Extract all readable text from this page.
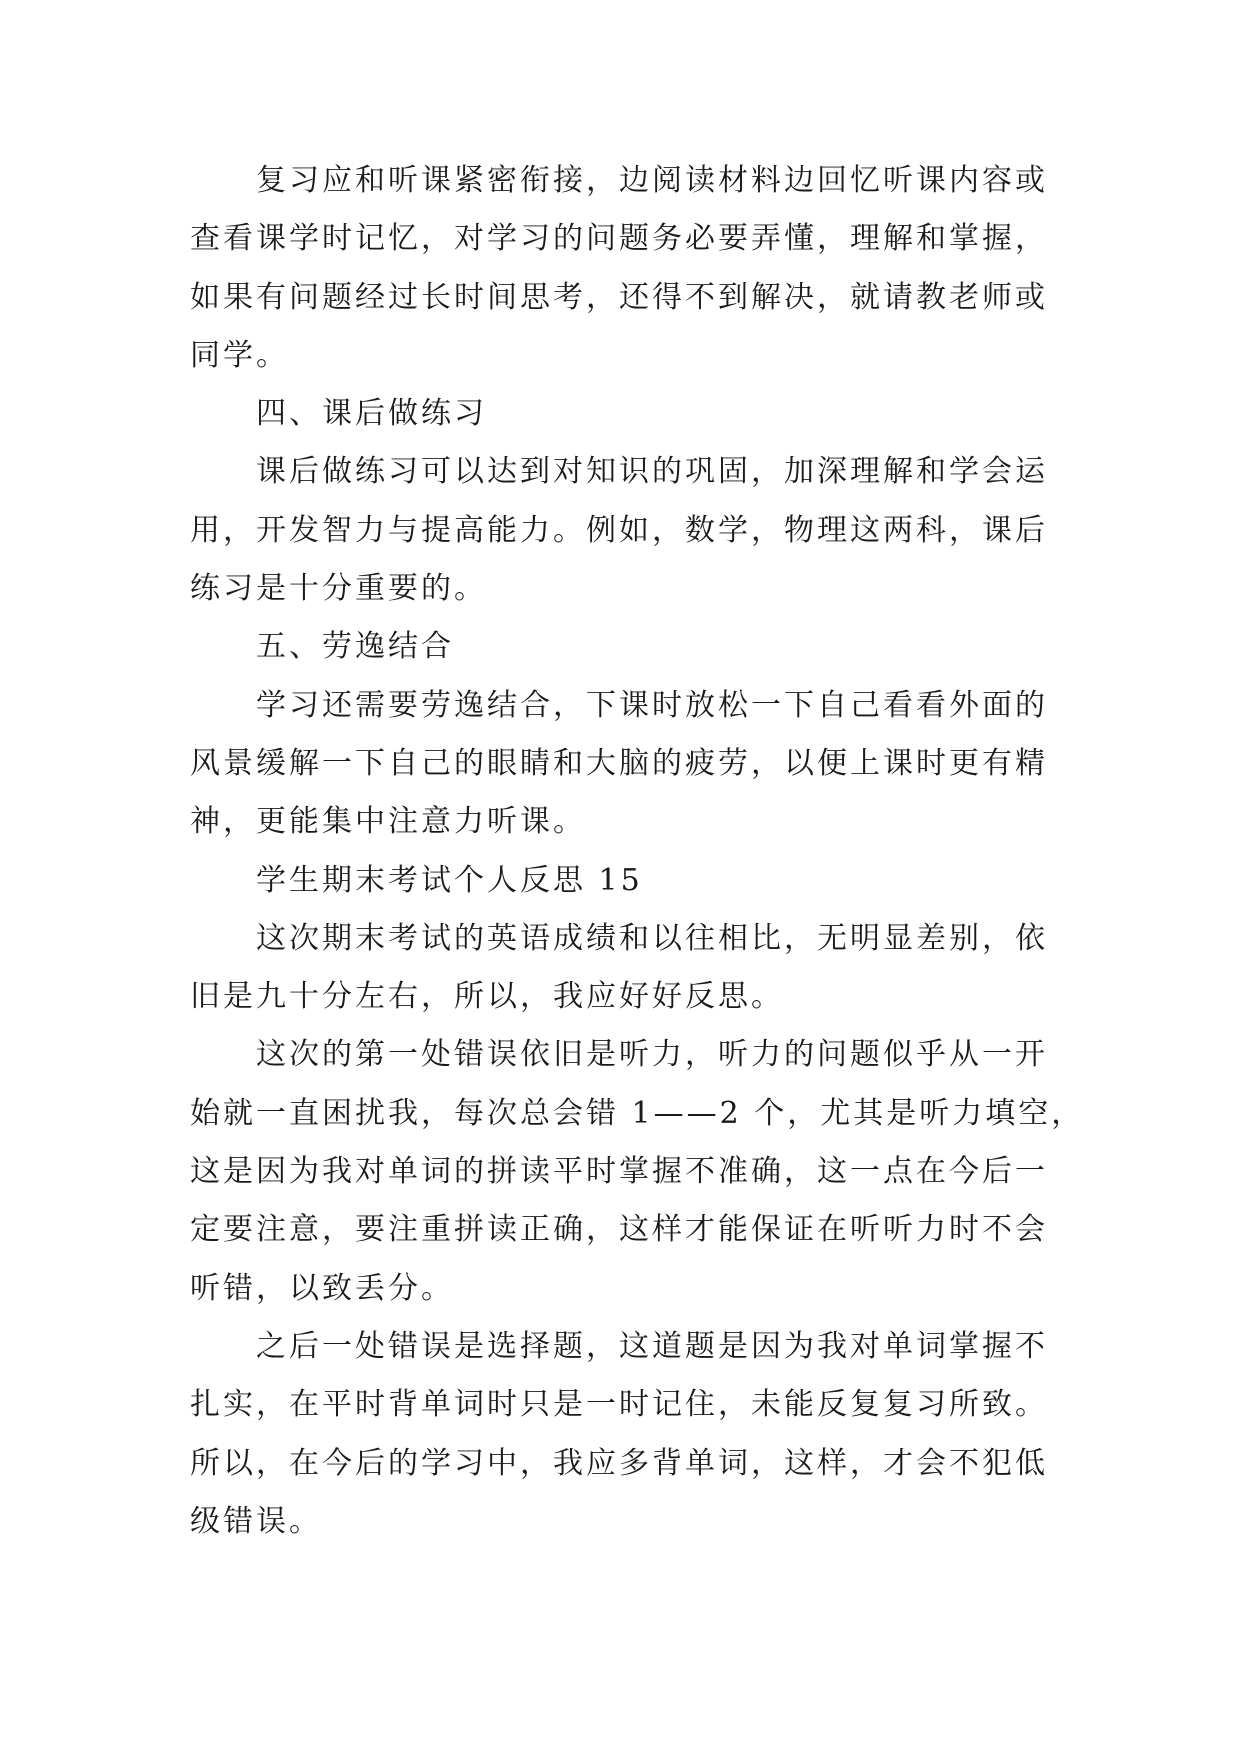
复习应和听课紧密衔接，边阅读材料边回忆听课内容或
查看课学时记忆，对学习的问题务必要弄懂，理解和掌握，
如果有问题经过长时间思考，还得不到解决，就请教老师或
同学。
四、课后做练习
课后做练习可以达到对知识的巩固，加深理解和学会运
用，开发智力与提高能力。例如，数学，物理这两科，课后
练习是十分重要的。
五、劳逸结合
学习还需要劳逸结合，下课时放松一下自己看看外面的
风景缓解一下自己的眼睛和大脑的疲劳，以便上课时更有精
神，更能集中注意力听课。
学生期末考试个人反思 15
这次期末考试的英语成绩和以往相比，无明显差别，依
旧是九十分左右，所以，我应好好反思。
这次的第一处错误依旧是听力，听力的问题似乎从一开
始就一直困扰我，每次总会错 1——2 个，尤其是听力填空，
这是因为我对单词的拼读平时掌握不准确，这一点在今后一
定要注意，要注重拼读正确，这样才能保证在听听力时不会
听错，以致丢分。
之后一处错误是选择题，这道题是因为我对单词掌握不
扎实，在平时背单词时只是一时记住，未能反复复习所致。
所以，在今后的学习中，我应多背单词，这样，才会不犯低
级错误。
